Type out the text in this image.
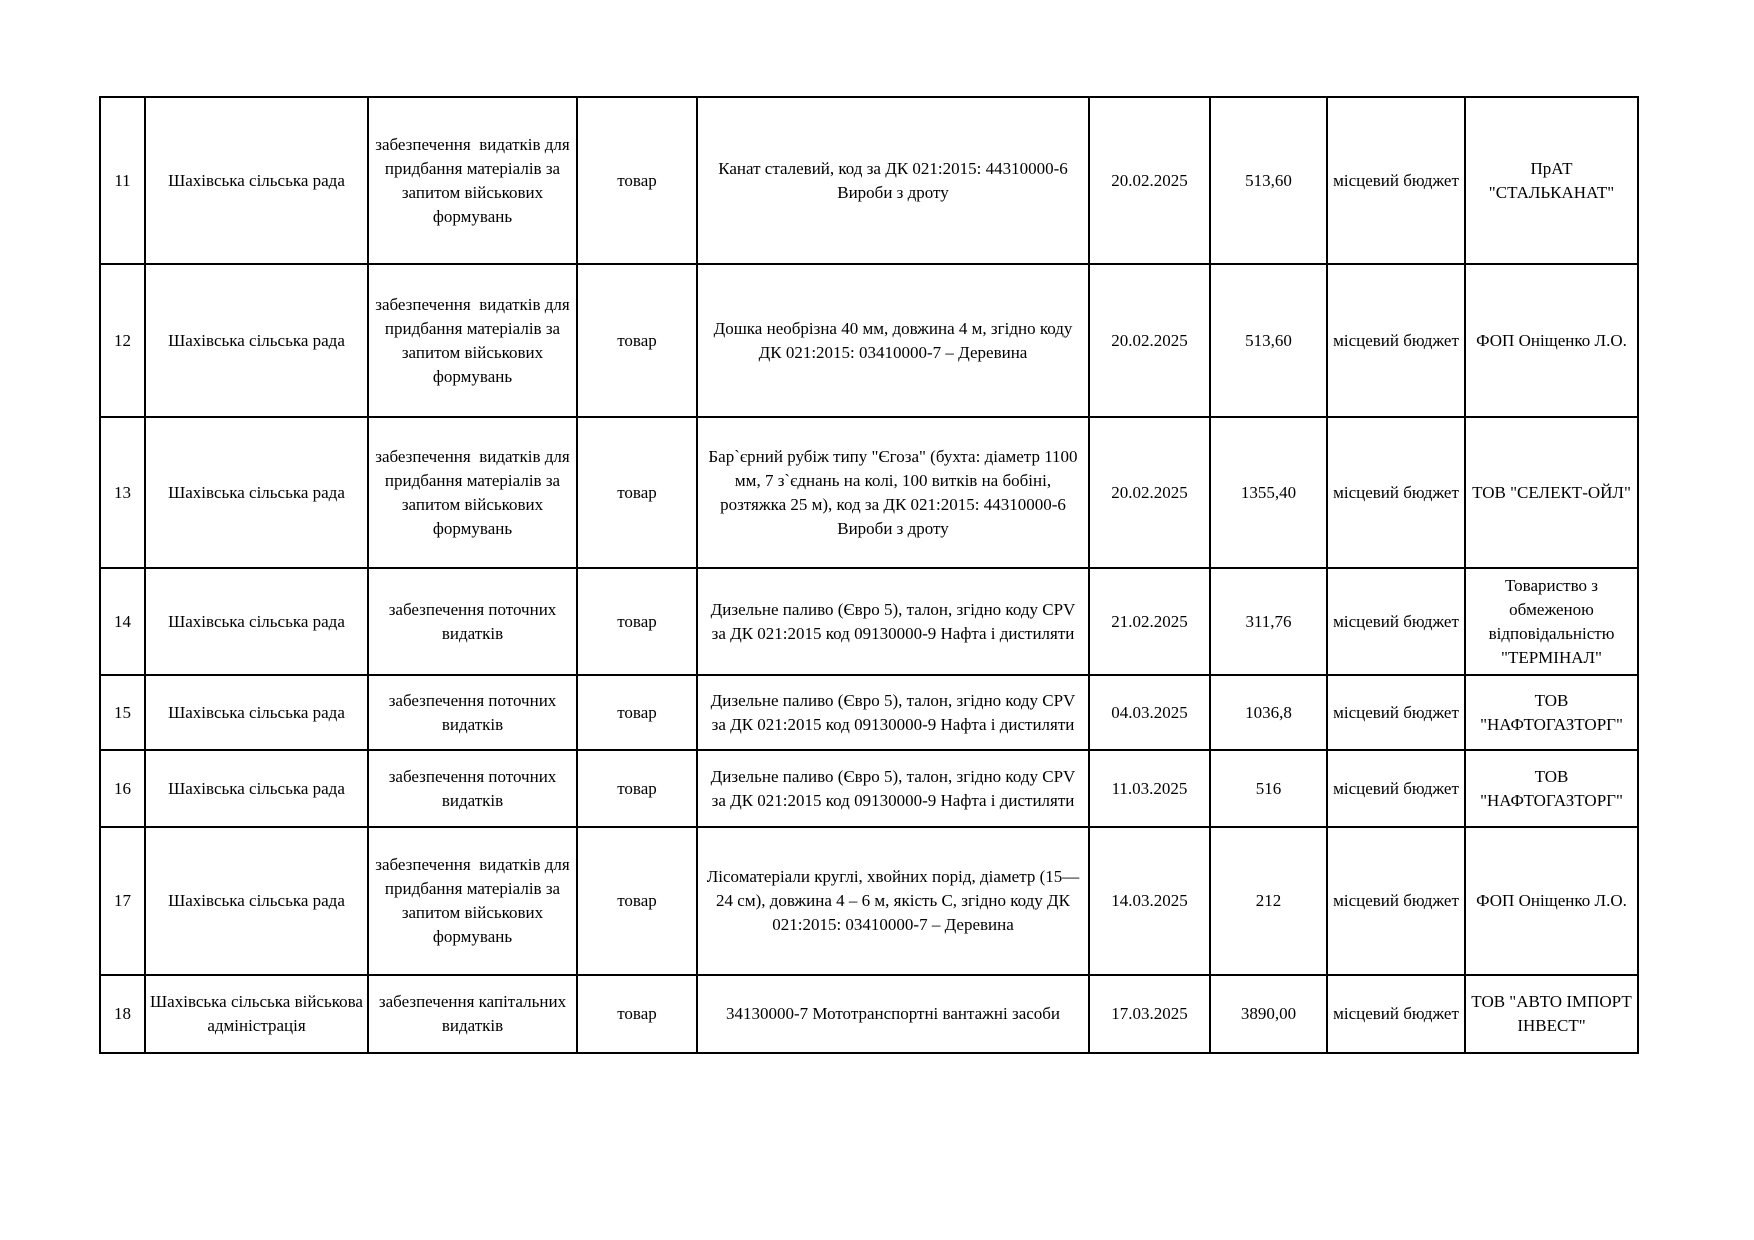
11	Шахівська сільська рада	забезпечення  видатків для придбання матеріалів за запитом військових формувань	товар	Канат сталевий, код за ДК 021:2015: 44310000-6 Вироби з дроту	20.02.2025	513,60	місцевий бюджет	ПрАТ "СТАЛЬКАНАТ"
12	Шахівська сільська рада	забезпечення  видатків для придбання матеріалів за запитом військових формувань	товар	Дошка необрізна 40 мм, довжина 4 м, згідно коду ДК 021:2015: 03410000-7 – Деревина	20.02.2025	513,60	місцевий бюджет	ФОП Оніщенко Л.О.
13	Шахівська сільська рада	забезпечення  видатків для придбання матеріалів за запитом військових формувань	товар	Бар`єрний рубіж типу "Єгоза" (бухта: діаметр 1100 мм, 7 з`єднань на колі, 100 витків на бобіні, розтяжка 25 м), код за ДК 021:2015: 44310000-6 Вироби з дроту	20.02.2025	1355,40	місцевий бюджет	ТОВ "СЕЛЕКТ-ОЙЛ"
14	Шахівська сільська рада	забезпечення поточних видатків	товар	Дизельне паливо (Євро 5), талон, згідно коду CPV за ДК 021:2015 код 09130000-9 Нафта і дистиляти	21.02.2025	311,76	місцевий бюджет	Товариство з обмеженою відповідальністю "ТЕРМІНАЛ"
15	Шахівська сільська рада	забезпечення поточних видатків	товар	Дизельне паливо (Євро 5), талон, згідно коду CPV за ДК 021:2015 код 09130000-9 Нафта і дистиляти	04.03.2025	1036,8	місцевий бюджет	ТОВ "НАФТОГАЗТОРГ"
16	Шахівська сільська рада	забезпечення поточних видатків	товар	Дизельне паливо (Євро 5), талон, згідно коду CPV за ДК 021:2015 код 09130000-9 Нафта і дистиляти	11.03.2025	516	місцевий бюджет	ТОВ "НАФТОГАЗТОРГ"
17	Шахівська сільська рада	забезпечення  видатків для придбання матеріалів за запитом військових формувань	товар	Лісоматеріали круглі, хвойних порід, діаметр (15—24 см), довжина 4 – 6 м, якість С, згідно коду ДК 021:2015: 03410000-7 – Деревина	14.03.2025	212	місцевий бюджет	ФОП Оніщенко Л.О.
18	Шахівська сільська військова адміністрація	забезпечення капітальних видатків	товар	34130000-7 Мототранспортні вантажні засоби	17.03.2025	3890,00	місцевий бюджет	ТОВ "АВТО ІМПОРТ ІНВЕСТ"
